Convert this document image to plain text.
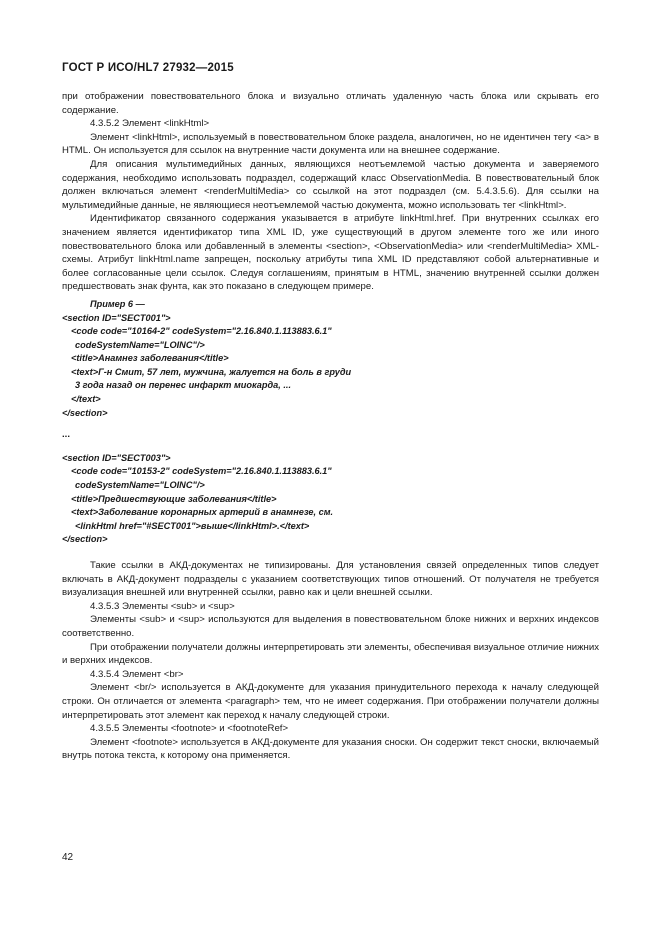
ГОСТ Р ИСО/HL7 27932—2015

при отображении повествовательного блока и визуально отличать удаленную часть блока или скрывать его содержание.

4.3.5.2 Элемент <linkHtml>

Элемент <linkHtml>, используемый в повествовательном блоке раздела, аналогичен, но не идентичен тегу <a> в HTML. Он используется для ссылок на внутренние части документа или на внешнее содержание.

Для описания мультимедийных данных, являющихся неотъемлемой частью документа и заверяемого содержания, необходимо использовать подраздел, содержащий класс ObservationMedia. В повествовательный блок должен включаться элемент <renderMultiMedia> со ссылкой на этот подраздел (см. 5.4.3.5.6). Для ссылки на мультимедийные данные, не являющиеся неотъемлемой частью документа, можно использовать тег <linkHtml>.

Идентификатор связанного содержания указывается в атрибуте linkHtml.href. При внутренних ссылках его значением является идентификатор типа XML ID, уже существующий в другом элементе того же или иного повествовательного блока или добавленный в элементы <section>, <ObservationMedia> или <renderMultiMedia> XML-схемы. Атрибут linkHtml.name запрещен, поскольку атрибуты типа XML ID представляют собой альтернативные и более согласованные цели ссылок. Следуя соглашениям, принятым в HTML, значению внутренней ссылки должен предшествовать знак фунта, как это показано в следующем примере.

Пример 6 —

<section ID="SECT001">

<code code="10164-2" codeSystem="2.16.840.1.113883.6.1"

codeSystemName="LOINC"/>

<title>Анамнез заболевания</title>

<text>Г-н Смит, 57 лет, мужчина, жалуется на боль в груди

3 года назад он перенес инфаркт миокарда, ...

</text>

</section>

...

<section ID="SECT003">

<code code="10153-2" codeSystem="2.16.840.1.113883.6.1"

codeSystemName="LOINC"/>

<title>Предшествующие заболевания</title>

<text>Заболевание коронарных артерий в анамнезе, см.

<linkHtml href="#SECT001">выше</linkHtml>.</text>

</section>

Такие ссылки в АКД-документах не типизированы. Для установления связей определенных типов следует включать в АКД-документ подразделы с указанием соответствующих типов отношений. От получателя не требуется визуализация внешней или внутренней ссылки, равно как и цели внешней ссылки.

4.3.5.3 Элементы <sub> и <sup>

Элементы <sub> и <sup> используются для выделения в повествовательном блоке нижних и верхних индексов соответственно.

При отображении получатели должны интерпретировать эти элементы, обеспечивая визуальное отличие нижних и верхних индексов.

4.3.5.4 Элемент <br>

Элемент <br/> используется в АКД-документе для указания принудительного перехода к началу следующей строки. Он отличается от элемента <paragraph> тем, что не имеет содержания. При отображении получатели должны интерпретировать этот элемент как переход к началу следующей строки.

4.3.5.5 Элементы <footnote> и <footnoteRef>

Элемент <footnote> используется в АКД-документе для указания сноски. Он содержит текст сноски, включаемый внутрь потока текста, к которому она применяется.

42
